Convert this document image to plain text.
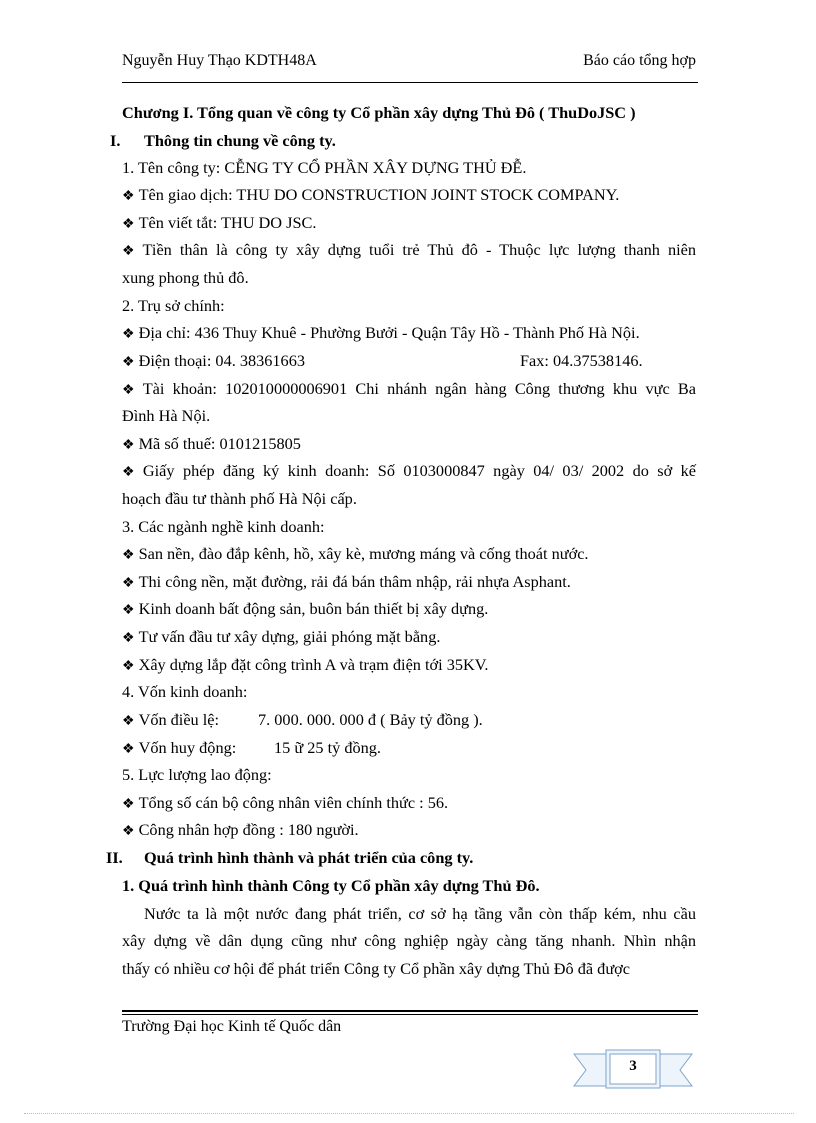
Nguyễn Huy Thạo KDTH48A	Báo cáo tổng hợp
Chương I. Tổng quan về công ty Cổ phần xây dựng Thủ Đô ( ThuDoJSC )
I. Thông tin chung về công ty.
1. Tên công ty: CỄNG TY CỔ PHẦN XÂY DỰNG THỦ ĐỄ.
❖ Tên giao dịch: THU DO CONSTRUCTION JOINT STOCK COMPANY.
❖ Tên viết tắt: THU DO JSC.
❖ Tiền thân là công ty xây dựng tuổi trẻ Thủ đô - Thuộc lực lượng thanh niên
xung phong thủ đô.
2. Trụ sở chính:
❖ Địa chỉ: 436 Thuy Khuê - Phường Bưởi - Quận Tây Hồ - Thành Phố Hà Nội.
❖ Điện thoại: 04. 38361663	Fax: 04.37538146.
❖ Tài khoản: 102010000006901 Chi nhánh ngân hàng Công thương khu vực Ba
Đình Hà Nội.
❖ Mã số thuế: 0101215805
❖ Giấy phép đăng ký kinh doanh: Số 0103000847 ngày 04/ 03/ 2002 do sở kế
hoạch đầu tư thành phố Hà Nội cấp.
3. Các ngành nghề kinh doanh:
❖ San nền, đào đắp kênh, hồ, xây kè, mương máng và cống thoát nước.
❖ Thi công nền, mặt đường, rải đá bán thâm nhập, rải nhựa Asphant.
❖ Kinh doanh bất động sản, buôn bán thiết bị xây dựng.
❖ Tư vấn đầu tư xây dựng, giải phóng mặt bằng.
❖ Xây dựng lắp đặt công trình A và trạm điện tới 35KV.
4. Vốn kinh doanh:
❖ Vốn điều lệ: 7. 000. 000. 000 đ ( Bảy tỷ đồng ).
❖ Vốn huy động: 15 ữ 25 tỷ đồng.
5. Lực lượng lao động:
❖ Tổng số cán bộ công nhân viên chính thức : 56.
❖ Công nhân hợp đồng : 180 người.
II. Quá trình hình thành và phát triển của công ty.
1. Quá trình hình thành Công ty Cổ phần xây dựng Thủ Đô.
Nước ta là một nước đang phát triển, cơ sở hạ tầng vẫn còn thấp kém, nhu cầu
xây dựng về dân dụng cũng như công nghiệp ngày càng tăng nhanh. Nhìn nhận
thấy có nhiều cơ hội để phát triển Công ty Cổ phần xây dựng Thủ Đô đã được
Trường Đại học Kinh tế Quốc dân
3
